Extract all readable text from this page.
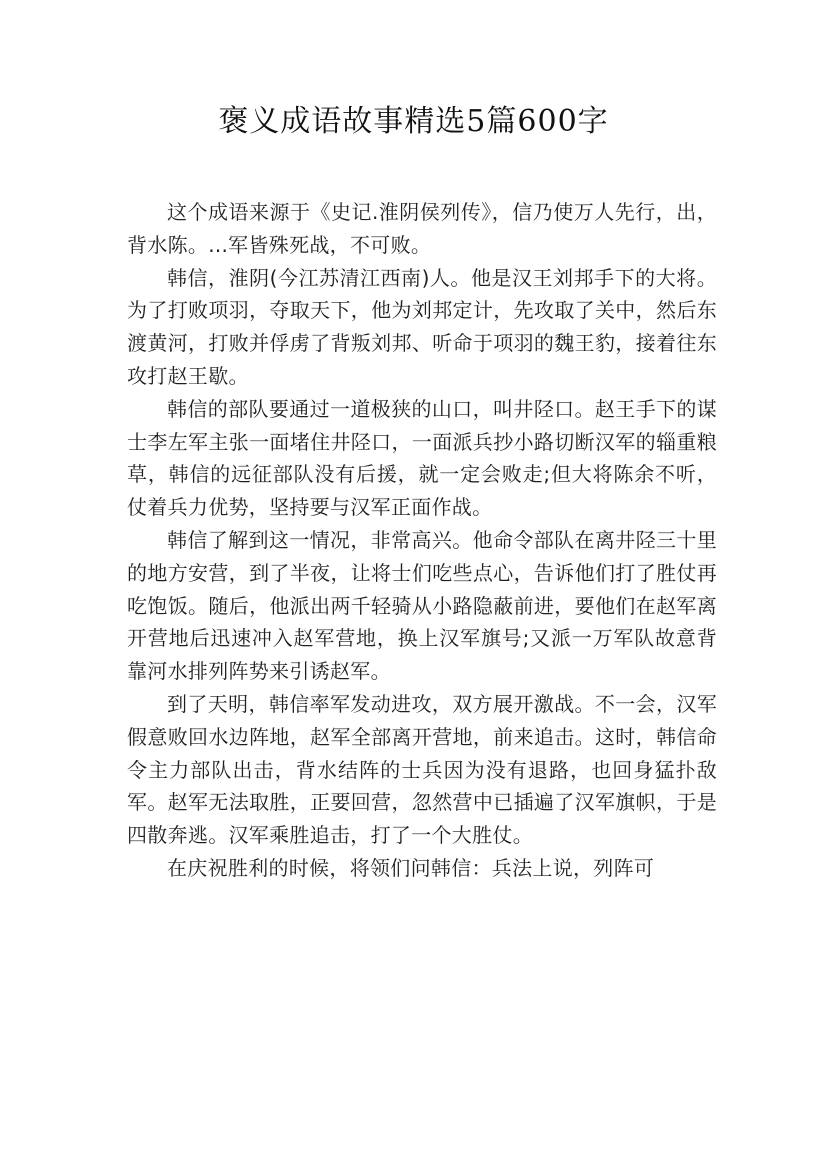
褒义成语故事精选5篇600字

这个成语来源于《史记.淮阴侯列传》，信乃使万人先行，出，背水陈。...军皆殊死战，不可败。

韩信，淮阴(今江苏清江西南)人。他是汉王刘邦手下的大将。为了打败项羽，夺取天下，他为刘邦定计，先攻取了关中，然后东渡黄河，打败并俘虏了背叛刘邦、听命于项羽的魏王豹，接着往东攻打赵王歇。

韩信的部队要通过一道极狭的山口，叫井陉口。赵王手下的谋士李左军主张一面堵住井陉口，一面派兵抄小路切断汉军的辎重粮草，韩信的远征部队没有后援，就一定会败走;但大将陈余不听，仗着兵力优势，坚持要与汉军正面作战。

韩信了解到这一情况，非常高兴。他命令部队在离井陉三十里的地方安营，到了半夜，让将士们吃些点心，告诉他们打了胜仗再吃饱饭。随后，他派出两千轻骑从小路隐蔽前进，要他们在赵军离开营地后迅速冲入赵军营地，换上汉军旗号;又派一万军队故意背靠河水排列阵势来引诱赵军。

到了天明，韩信率军发动进攻，双方展开激战。不一会，汉军假意败回水边阵地，赵军全部离开营地，前来追击。这时，韩信命令主力部队出击，背水结阵的士兵因为没有退路，也回身猛扑敌军。赵军无法取胜，正要回营，忽然营中已插遍了汉军旗帜，于是四散奔逃。汉军乘胜追击，打了一个大胜仗。

在庆祝胜利的时候，将领们问韩信：兵法上说，列阵可
